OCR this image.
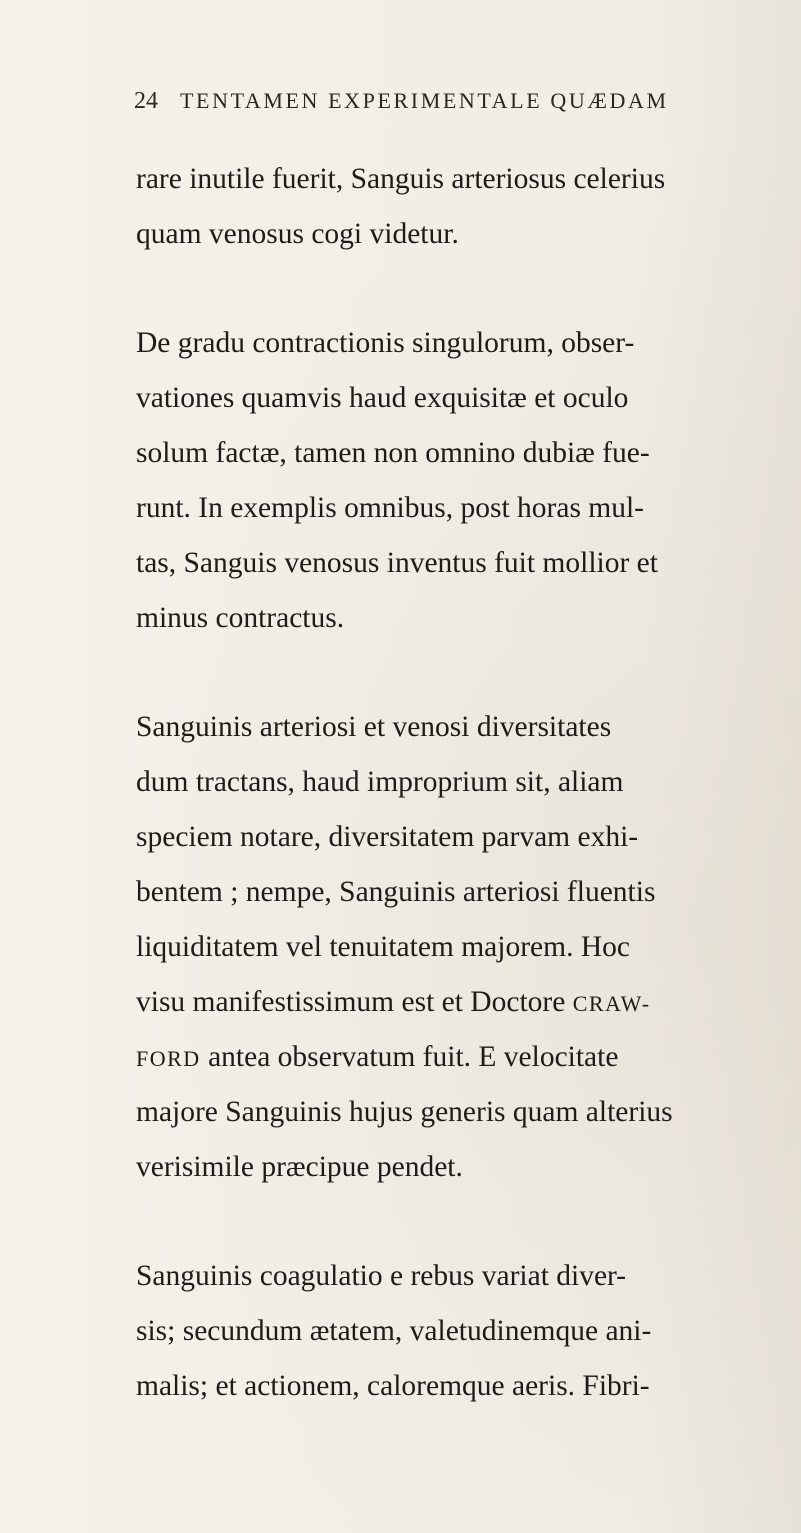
24 TENTAMEN EXPERIMENTALE QUÆDAM
rare inutile fuerit, Sanguis arteriosus celerius
quam venosus cogi videtur.
De gradu contractionis singulorum, obser-
vationes quamvis haud exquisitæ et oculo
solum factæ, tamen non omnino dubiæ fue-
runt. In exemplis omnibus, post horas mul-
tas, Sanguis venosus inventus fuit mollior et
minus contractus.
Sanguinis arteriosi et venosi diversitates
dum tractans, haud improprium sit, aliam
speciem notare, diversitatem parvam exhi-
bentem ; nempe, Sanguinis arteriosi fluentis
liquiditatem vel tenuitatem majorem. Hoc
visu manifestissimum est et Doctore CRAW-
FORD antea observatum fuit. E velocitate
majore Sanguinis hujus generis quam alterius
verisimile præcipue pendet.
Sanguinis coagulatio e rebus variat diver-
sis; secundum ætatem, valetudinemque ani-
malis; et actionem, caloremque aeris. Fibri-
